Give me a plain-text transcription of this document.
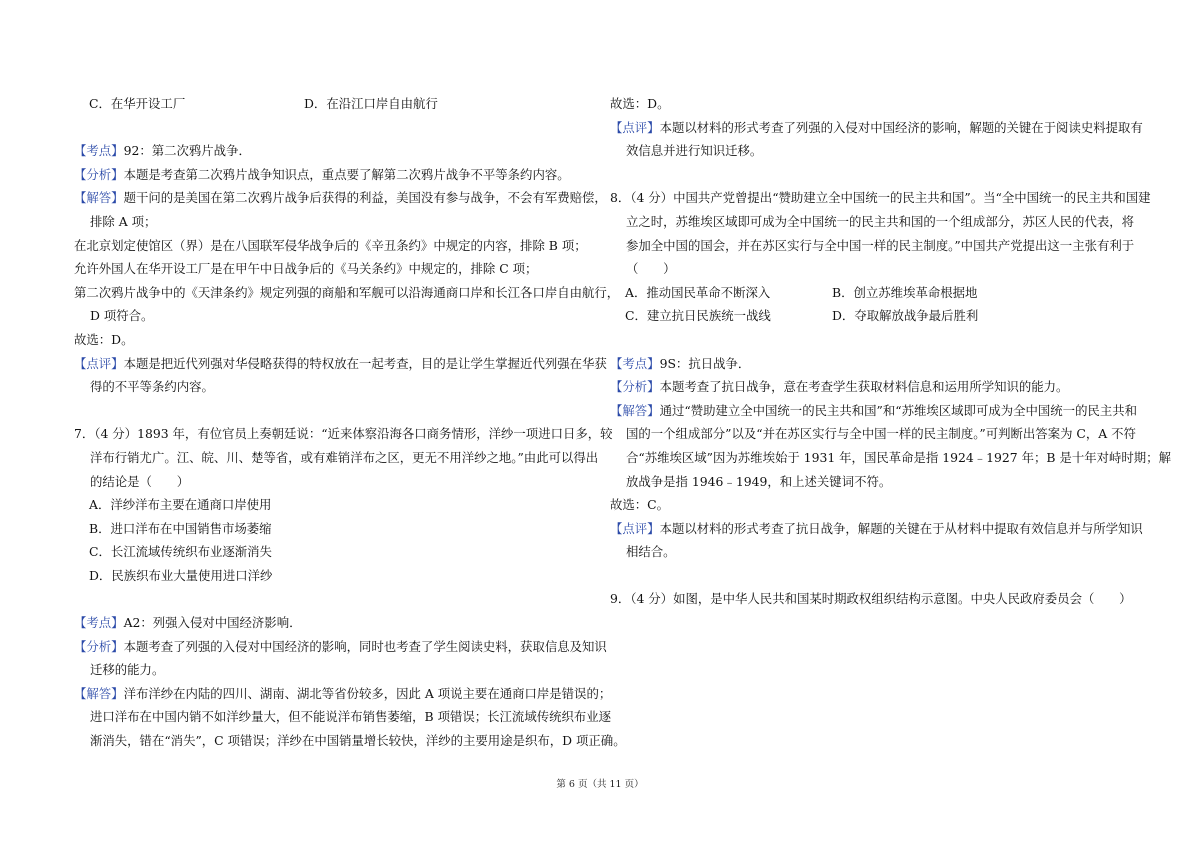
C．在华开设工厂	D．在沿江口岸自由航行
【考点】92：第二次鸦片战争．
【分析】本题是考查第二次鸦片战争知识点，重点要了解第二次鸦片战争不平等条约内容。
【解答】题干问的是美国在第二次鸦片战争后获得的利益，美国没有参与战争，不会有军费赔偿，
排除 A 项；
在北京划定使馆区（界）是在八国联军侵华战争后的《辛丑条约》中规定的内容，排除 B 项；
允许外国人在华开设工厂是在甲午中日战争后的《马关条约》中规定的，排除 C 项；
第二次鸦片战争中的《天津条约》规定列强的商船和军舰可以沿海通商口岸和长江各口岸自由航行，
D 项符合。
故选：D。
【点评】本题是把近代列强对华侵略获得的特权放在一起考查，目的是让学生掌握近代列强在华获
得的不平等条约内容。
7．（4 分）1893 年，有位官员上奏朝廷说：“近来体察沿海各口商务情形，洋纱一项进口日多，较
洋布行销尤广。江、皖、川、楚等省，或有难销洋布之区，更无不用洋纱之地。”由此可以得出
的结论是（　　）
A．洋纱洋布主要在通商口岸使用
B．进口洋布在中国销售市场萎缩
C．长江流域传统织布业逐渐消失
D．民族织布业大量使用进口洋纱
【考点】A2：列强入侵对中国经济影响．
【分析】本题考查了列强的入侵对中国经济的影响，同时也考查了学生阅读史料，获取信息及知识
迁移的能力。
【解答】洋布洋纱在内陆的四川、湖南、湖北等省份较多，因此 A 项说主要在通商口岸是错误的；
进口洋布在中国内销不如洋纱量大，但不能说洋布销售萎缩，B 项错误；长江流域传统织布业逐
渐消失，错在“消失”，C 项错误；洋纱在中国销量增长较快，洋纱的主要用途是织布，D 项正确。
故选：D。
【点评】本题以材料的形式考查了列强的入侵对中国经济的影响，解题的关键在于阅读史料提取有
效信息并进行知识迁移。
8．（4 分）中国共产党曾提出“赞助建立全中国统一的民主共和国”。当“全中国统一的民主共和国建
立之时，苏维埃区域即可成为全中国统一的民主共和国的一个组成部分，苏区人民的代表，将
参加全中国的国会，并在苏区实行与全中国一样的民主制度。”中国共产党提出这一主张有利于
（　　）
A．推动国民革命不断深入	B．创立苏维埃革命根据地
C．建立抗日民族统一战线	D．夺取解放战争最后胜利
【考点】9S：抗日战争．
【分析】本题考查了抗日战争，意在考查学生获取材料信息和运用所学知识的能力。
【解答】通过“赞助建立全中国统一的民主共和国”和“苏维埃区域即可成为全中国统一的民主共和
国的一个组成部分”以及“并在苏区实行与全中国一样的民主制度。”可判断出答案为 C，A 不符
合“苏维埃区域”因为苏维埃始于 1931 年，国民革命是指 1924﹣1927 年；B 是十年对峙时期；解
放战争是指 1946﹣1949，和上述关键词不符。
故选：C。
【点评】本题以材料的形式考查了抗日战争，解题的关键在于从材料中提取有效信息并与所学知识
相结合。
9．（4 分）如图，是中华人民共和国某时期政权组织结构示意图。中央人民政府委员会（　　）
第 6 页（共 11 页）
